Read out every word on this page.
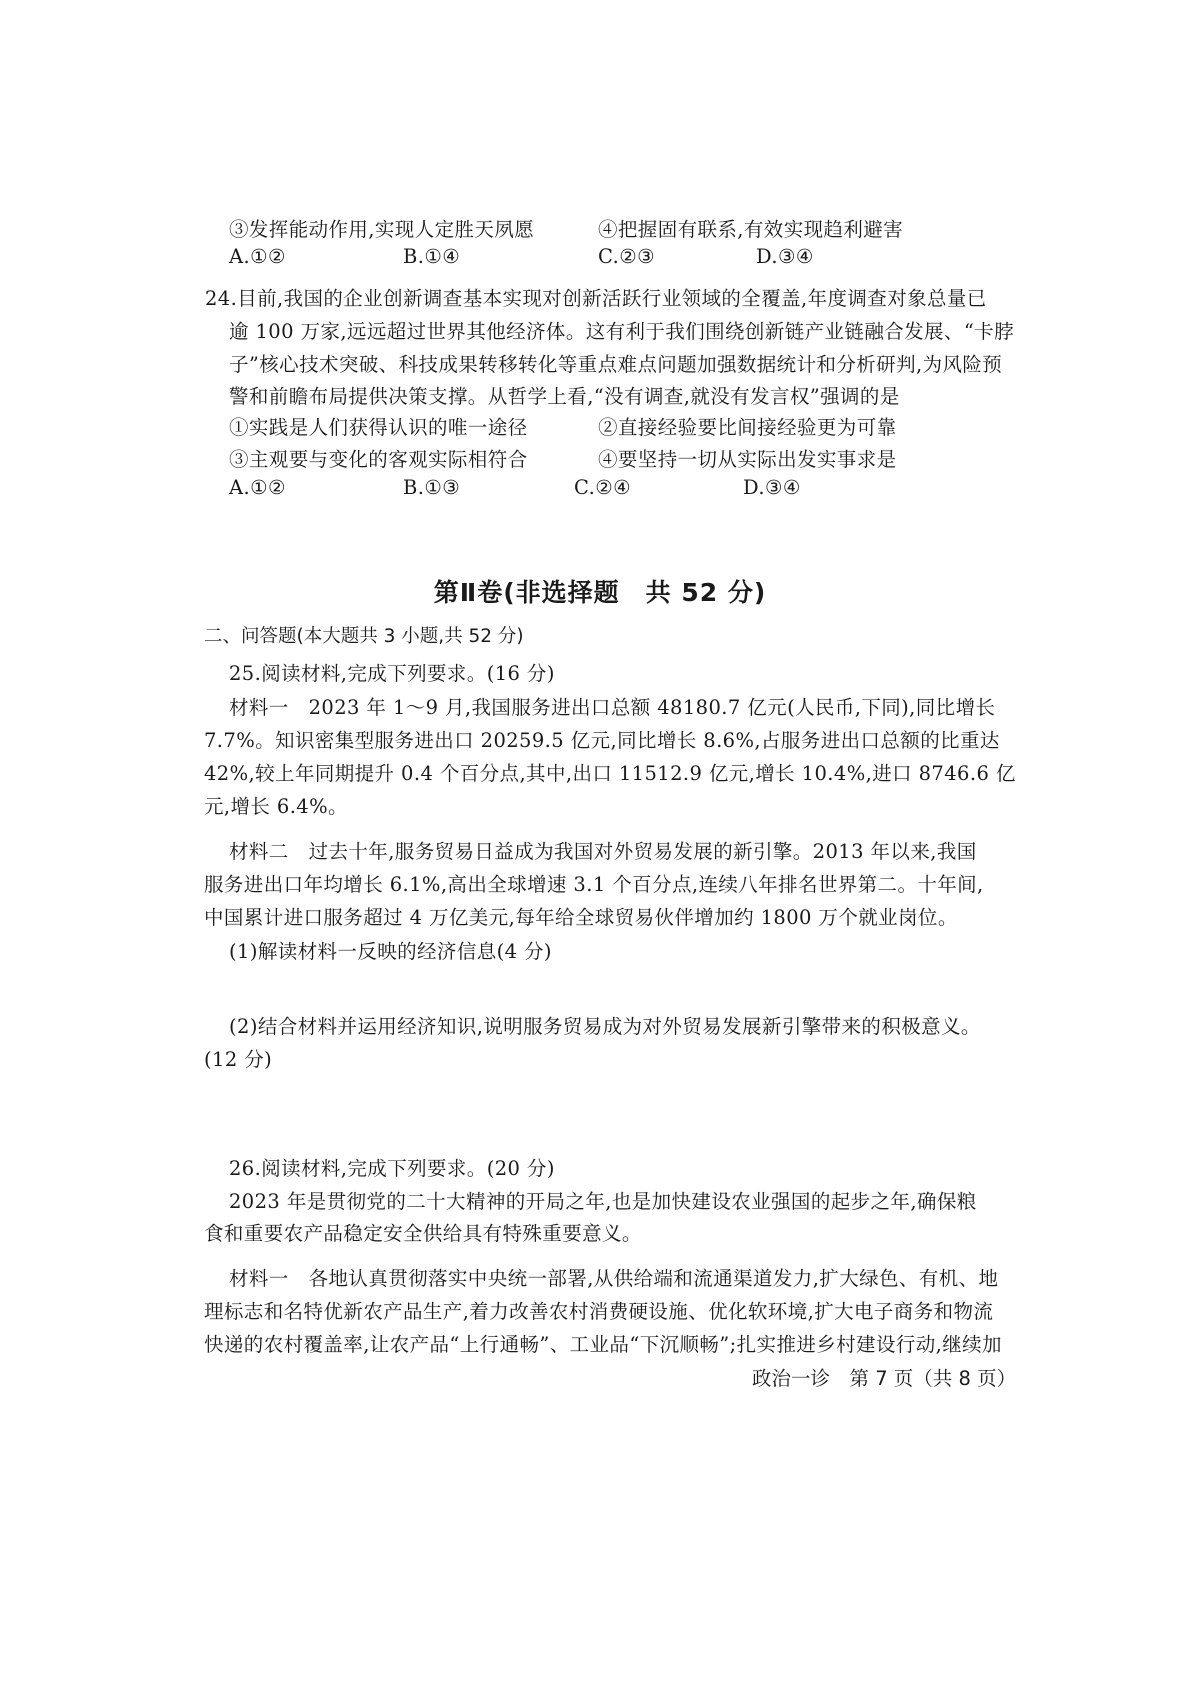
③发挥能动作用,实现人定胜天夙愿	④把握固有联系,有效实现趋利避害
A.①②	B.①④	C.②③	D.③④
24.目前,我国的企业创新调查基本实现对创新活跃行业领域的全覆盖,年度调查对象总量已
逾 100 万家,远远超过世界其他经济体。这有利于我们围绕创新链产业链融合发展、“卡脖
子”核心技术突破、科技成果转移转化等重点难点问题加强数据统计和分析研判,为风险预
警和前瞻布局提供决策支撑。从哲学上看,“没有调查,就没有发言权”强调的是
①实践是人们获得认识的唯一途径	②直接经验要比间接经验更为可靠
③主观要与变化的客观实际相符合	④要坚持一切从实际出发实事求是
A.①②	B.①③	C.②④	D.③④
第Ⅱ卷(非选择题　共 52 分)
二、问答题(本大题共 3 小题,共 52 分)
25.阅读材料,完成下列要求。(16 分)
材料一　2023 年 1～9 月,我国服务进出口总额 48180.7 亿元(人民币,下同),同比增长
7.7%。知识密集型服务进出口 20259.5 亿元,同比增长 8.6%,占服务进出口总额的比重达
42%,较上年同期提升 0.4 个百分点,其中,出口 11512.9 亿元,增长 10.4%,进口 8746.6 亿
元,增长 6.4%。
材料二　过去十年,服务贸易日益成为我国对外贸易发展的新引擎。2013 年以来,我国
服务进出口年均增长 6.1%,高出全球增速 3.1 个百分点,连续八年排名世界第二。十年间,
中国累计进口服务超过 4 万亿美元,每年给全球贸易伙伴增加约 1800 万个就业岗位。
(1)解读材料一反映的经济信息(4 分)
(2)结合材料并运用经济知识,说明服务贸易成为对外贸易发展新引擎带来的积极意义。
(12 分)
26.阅读材料,完成下列要求。(20 分)
2023 年是贯彻党的二十大精神的开局之年,也是加快建设农业强国的起步之年,确保粮
食和重要农产品稳定安全供给具有特殊重要意义。
材料一　各地认真贯彻落实中央统一部署,从供给端和流通渠道发力,扩大绿色、有机、地
理标志和名特优新农产品生产,着力改善农村消费硬设施、优化软环境,扩大电子商务和物流
快递的农村覆盖率,让农产品“上行通畅”、工业品“下沉顺畅”;扎实推进乡村建设行动,继续加
政治一诊　第 7 页（共 8 页）
